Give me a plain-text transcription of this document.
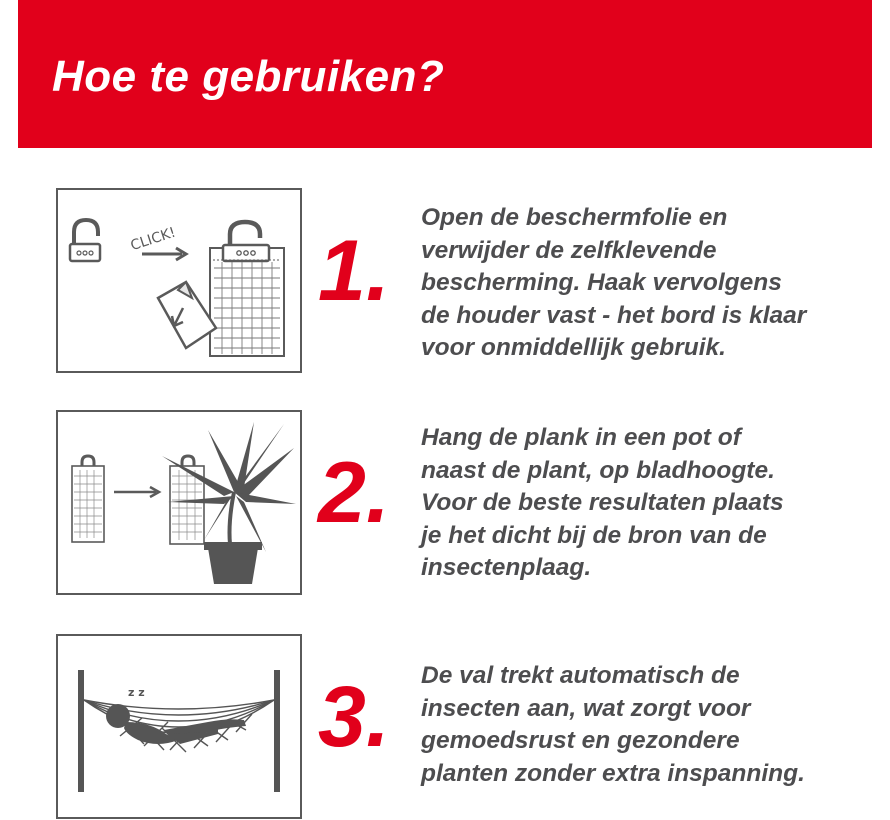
Hoe te gebruiken?
CLICK! 1.
Open de beschermfolie en
verwijder de zelfklevende
bescherming. Haak vervolgens
de houder vast - het bord is klaar
voor onmiddellijk gebruik.
2.
Hang de plank in een pot of
naast de plant, op bladhoogte.
Voor de beste resultaten plaats
je het dicht bij de bron van de
insectenplaag.
z z 3. De val trekt automatisch de
insecten aan, wat zorgt voor
gemoedsrust en gezondere
planten zonder extra inspanning.
